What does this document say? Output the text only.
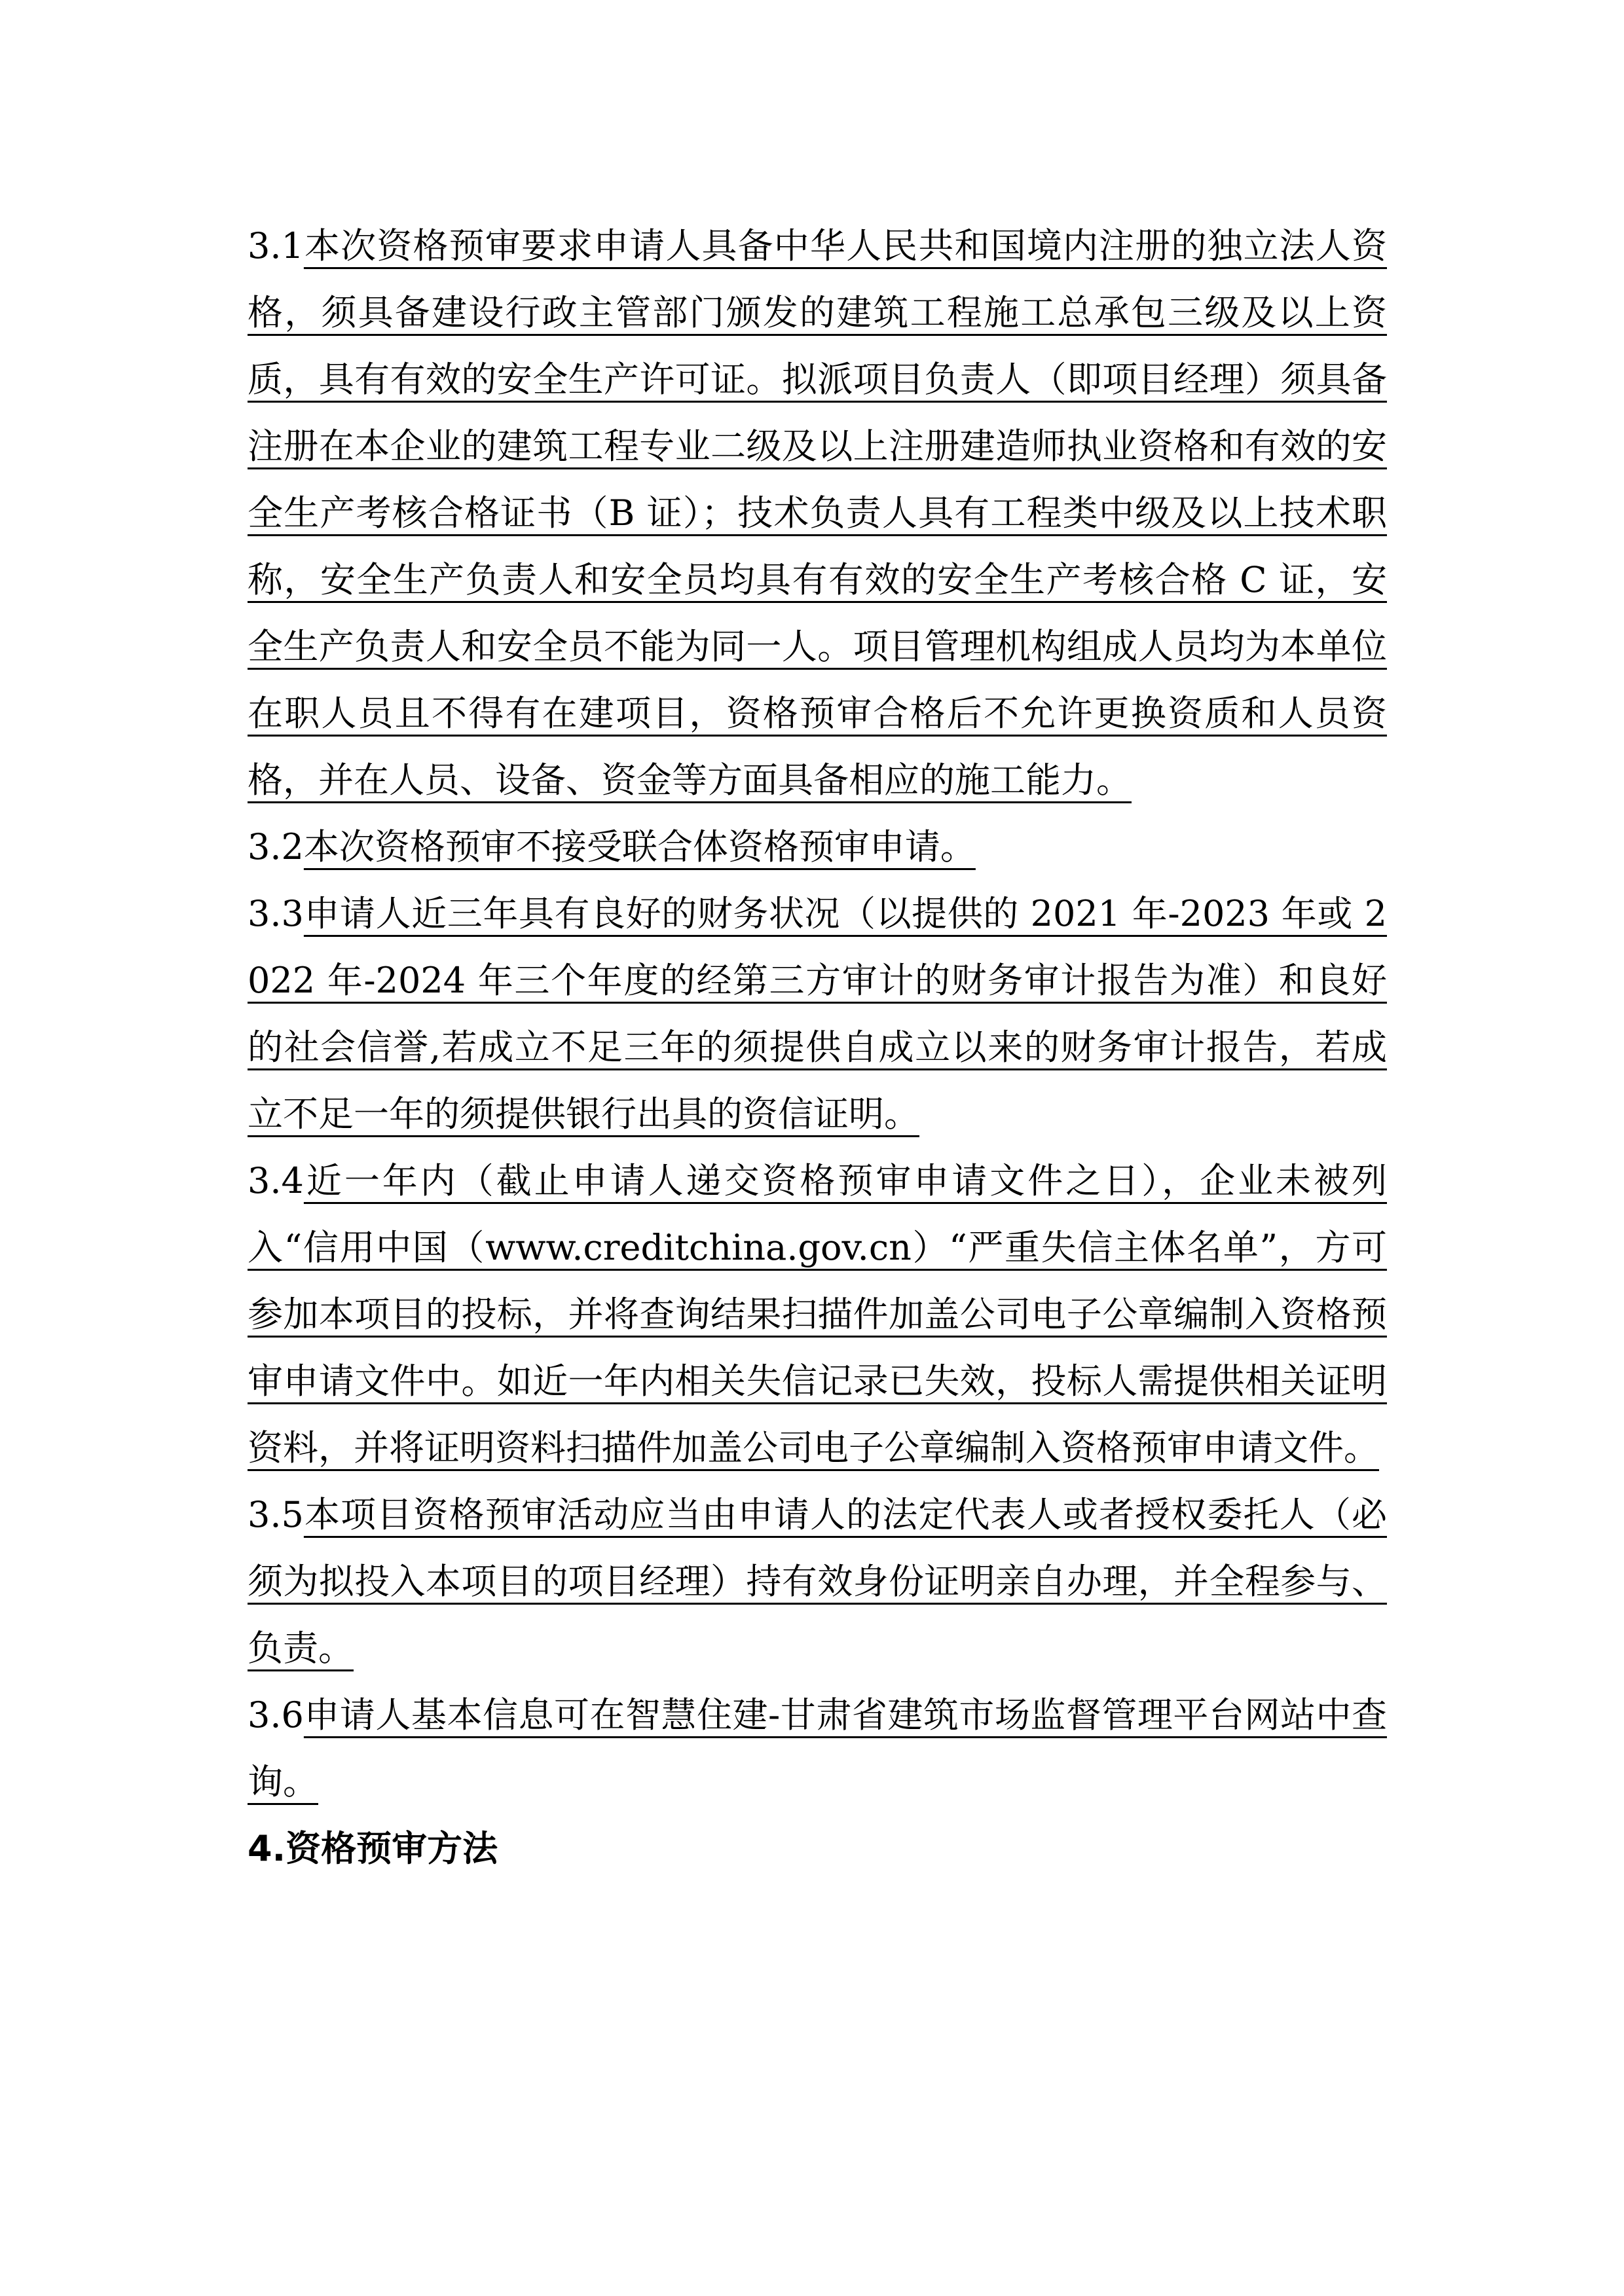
3.1本次资格预审要求申请人具备中华人民共和国境内注册的独立法人资格，须具备建设行政主管部门颁发的建筑工程施工总承包三级及以上资质，具有有效的安全生产许可证。拟派项目负责人（即项目经理）须具备注册在本企业的建筑工程专业二级及以上注册建造师执业资格和有效的安全生产考核合格证书（B 证）；技术负责人具有工程类中级及以上技术职称，安全生产负责人和安全员均具有有效的安全生产考核合格 C 证，安全生产负责人和安全员不能为同一人。项目管理机构组成人员均为本单位在职人员且不得有在建项目，资格预审合格后不允许更换资质和人员资格，并在人员、设备、资金等方面具备相应的施工能力。

3.2本次资格预审不接受联合体资格预审申请。

3.3申请人近三年具有良好的财务状况（以提供的 2021 年-2023 年或 2022 年-2024 年三个年度的经第三方审计的财务审计报告为准）和良好的社会信誉,若成立不足三年的须提供自成立以来的财务审计报告，若成立不足一年的须提供银行出具的资信证明。

3.4近一年内（截止申请人递交资格预审申请文件之日），企业未被列入“信用中国（www.creditchina.gov.cn）“严重失信主体名单”，方可参加本项目的投标，并将查询结果扫描件加盖公司电子公章编制入资格预审申请文件中。如近一年内相关失信记录已失效，投标人需提供相关证明资料，并将证明资料扫描件加盖公司电子公章编制入资格预审申请文件。

3.5本项目资格预审活动应当由申请人的法定代表人或者授权委托人（必须为拟投入本项目的项目经理）持有效身份证明亲自办理，并全程参与、负责。

3.6申请人基本信息可在智慧住建-甘肃省建筑市场监督管理平台网站中查询。

4.资格预审方法
